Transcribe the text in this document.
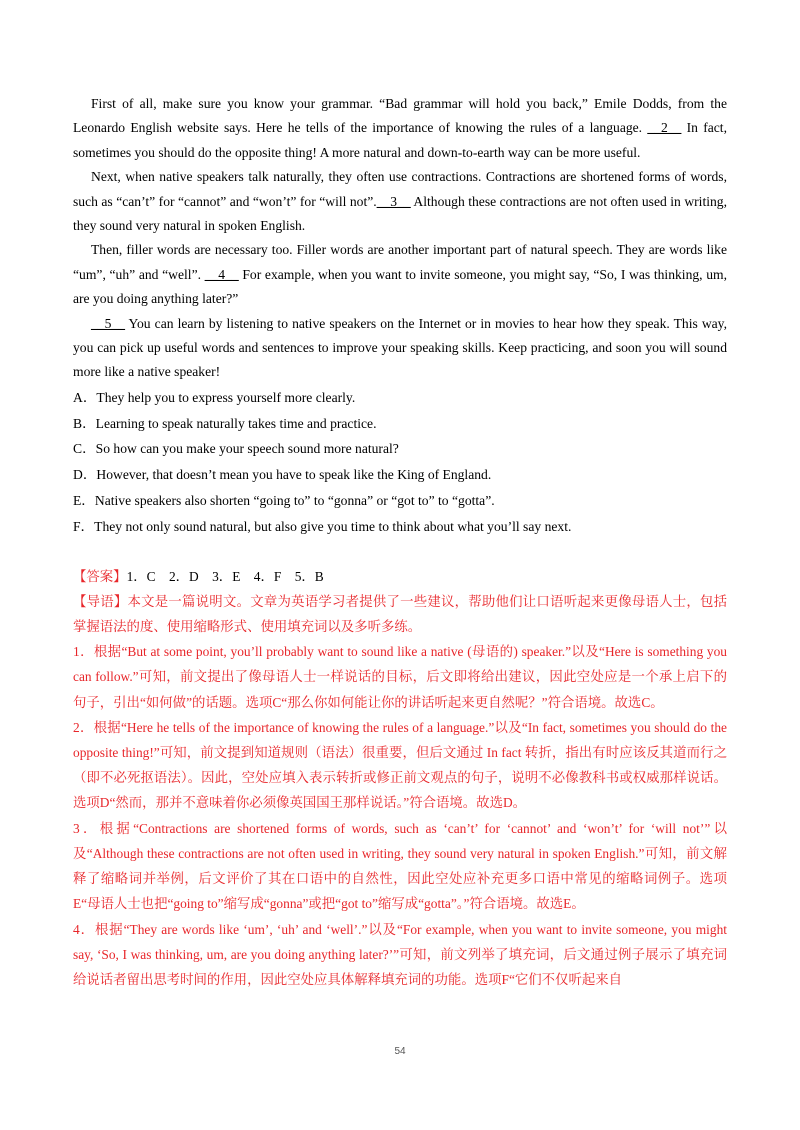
First of all, make sure you know your grammar. “Bad grammar will hold you back,” Emile Dodds, from the Leonardo English website says. Here he tells of the importance of knowing the rules of a language. __2__ In fact, sometimes you should do the opposite thing! A more natural and down-to-earth way can be more useful.

Next, when native speakers talk naturally, they often use contractions. Contractions are shortened forms of words, such as “can’t” for “cannot” and “won’t” for “will not”.__3__ Although these contractions are not often used in writing, they sound very natural in spoken English.

Then, filler words are necessary too. Filler words are another important part of natural speech. They are words like “um”, “uh” and “well”. __4__ For example, when you want to invite someone, you might say, “So, I was thinking, um, are you doing anything later?”

__5__ You can learn by listening to native speakers on the Internet or in movies to hear how they speak. This way, you can pick up useful words and sentences to improve your speaking skills. Keep practicing, and soon you will sound more like a native speaker!

A．They help you to express yourself more clearly.

B．Learning to speak naturally takes time and practice.

C．So how can you make your speech sound more natural?

D．However, that doesn’t mean you have to speak like the King of England.

E．Native speakers also shorten “going to” to “gonna” or “got to” to “gotta”.

F．They not only sound natural, but also give you time to think about what you’ll say next.

【答案】1．C　2．D　3．E　4．F　5．B

【导语】本文是一篇说明文。文章为英语学习者提供了一些建议，帮助他们让口语听起来更像母语人士，包括掌握语法的度、使用缩略形式、使用填充词以及多听多练。

1．根据“But at some point, you’ll probably want to sound like a native (母语的) speaker.”以及“Here is something you can follow.”可知，前文提出了像母语人士一样说话的目标，后文即将给出建议，因此空处应是一个承上启下的句子，引出“如何做”的话题。选项C“那么你如何能让你的讲话听起来更自然呢？”符合语境。故选C。

2．根据“Here he tells of the importance of knowing the rules of a language.”以及“In fact, sometimes you should do the opposite thing!”可知，前文提到知道规则（语法）很重要，但后文通过 In fact 转折，指出有时应该反其道而行之（即不必死抠语法）。因此，空处应填入表示转折或修正前文观点的句子，说明不必像教科书或权威那样说话。选项D“然而，那并不意味着你必须像英国国王那样说话。”符合语境。故选D。

3．根据“Contractions are shortened forms of words, such as ‘can’t’ for ‘cannot’ and ‘won’t’ for ‘will not’”以及“Although these contractions are not often used in writing, they sound very natural in spoken English.”可知，前文解释了缩略词并举例，后文评价了其在口语中的自然性，因此空处应补充更多口语中常见的缩略词例子。选项E“母语人士也把“going to”缩写成“gonna”或把“got to”缩写成“gotta”。”符合语境。故选E。

4．根据“They are words like ‘um’, ‘uh’ and ‘well’.”以及“For example, when you want to invite someone, you might say, ‘So, I was thinking, um, are you doing anything later?’”可知，前文列举了填充词，后文通过例子展示了填充词给说话者留出思考时间的作用，因此空处应具体解释填充词的功能。选项F“它们不仅听起来自

54
